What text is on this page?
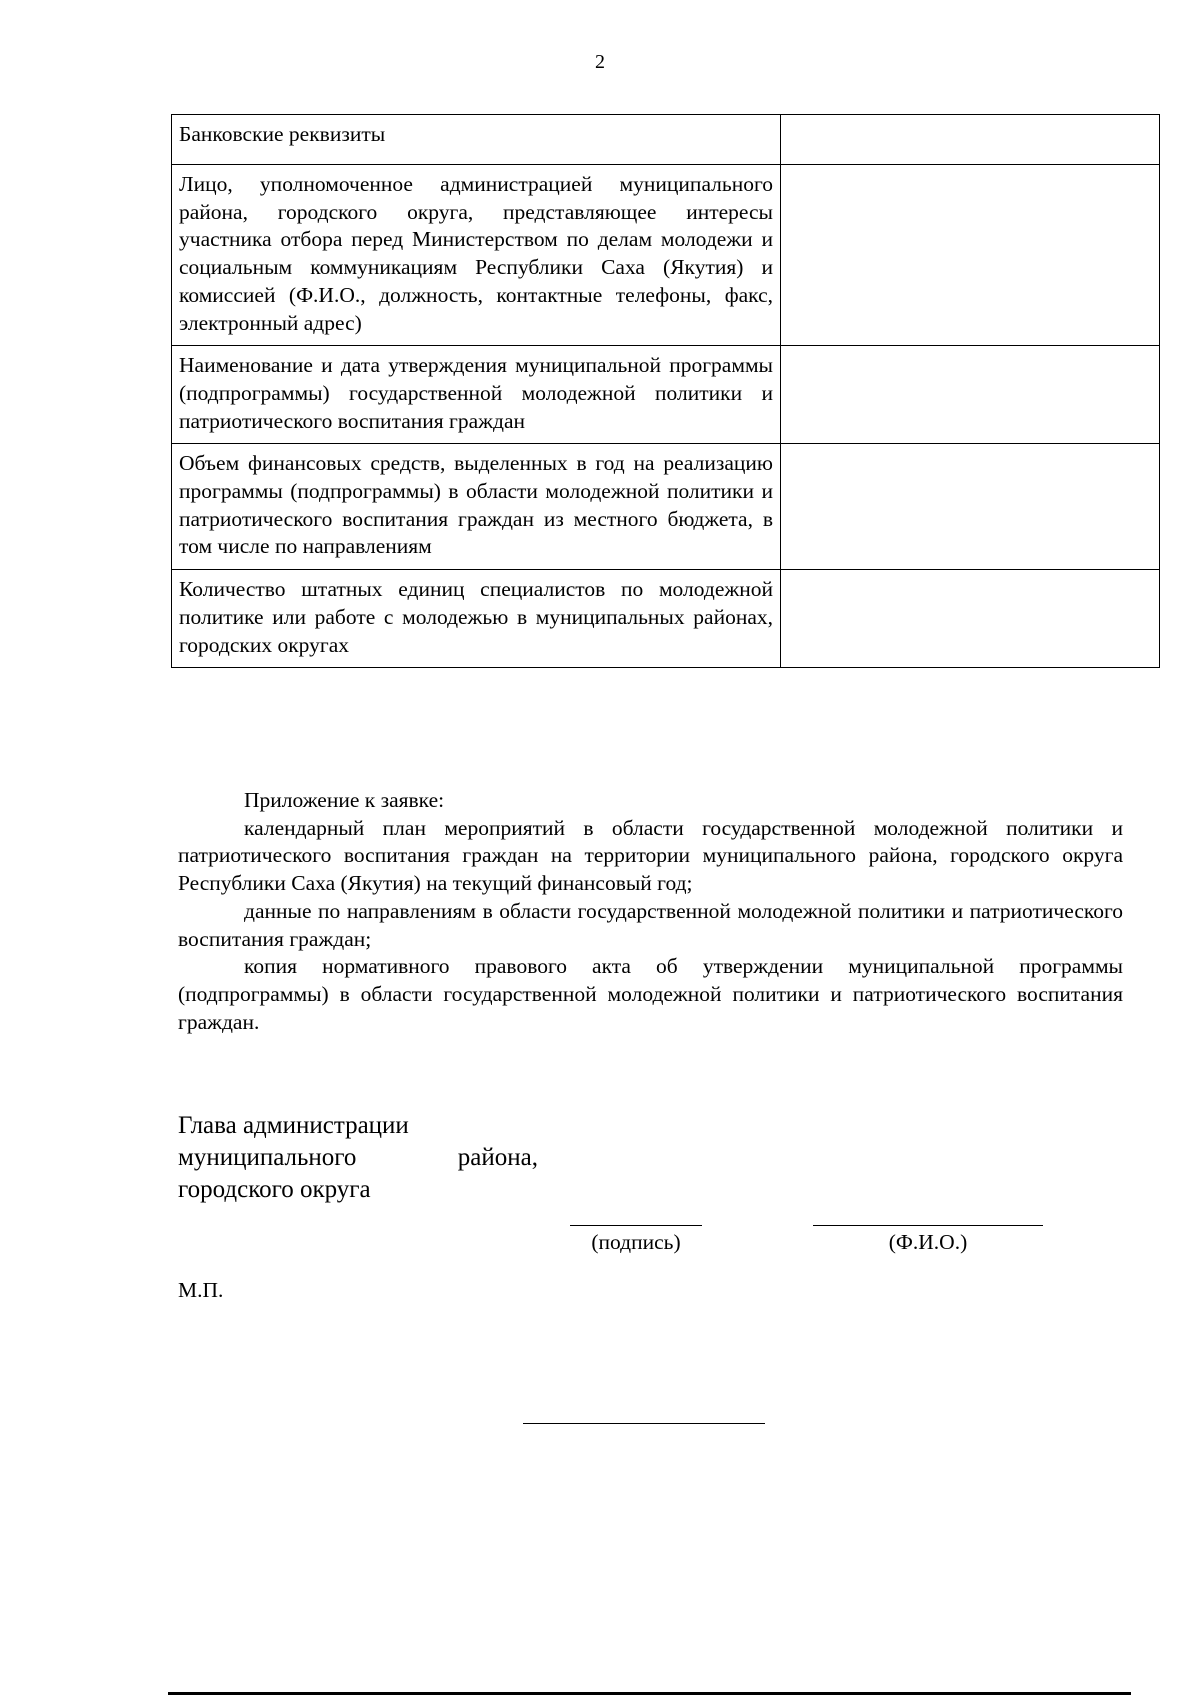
2
Банковские реквизиты	
Лицо, уполномоченное администрацией муниципального района, городского округа, представляющее интересы участника отбора перед Министерством по делам молодежи и социальным коммуникациям Республики Саха (Якутия) и комиссией (Ф.И.О., должность, контактные телефоны, факс, электронный адрес)	
Наименование и дата утверждения муниципальной программы (подпрограммы) государственной молодежной политики и патриотического воспитания граждан	
Объем финансовых средств, выделенных в год на реализацию программы (подпрограммы) в области молодежной политики и патриотического воспитания граждан из местного бюджета, в том числе по направлениям	
Количество штатных единиц специалистов по молодежной политике или работе с молодежью в муниципальных районах, городских округах	

Приложение к заявке:

календарный план мероприятий в области государственной молодежной политики и патриотического воспитания граждан на территории муниципального района, городского округа Республики Саха (Якутия) на текущий финансовый год;

данные по направлениям в области государственной молодежной политики и патриотического воспитания граждан;

копия нормативного правового акта об утверждении муниципальной программы (подпрограммы) в области государственной молодежной политики и патриотического воспитания граждан.

Глава администрации
муниципального	района,
городского округа
(подпись)	(Ф.И.О.)
М.П.
